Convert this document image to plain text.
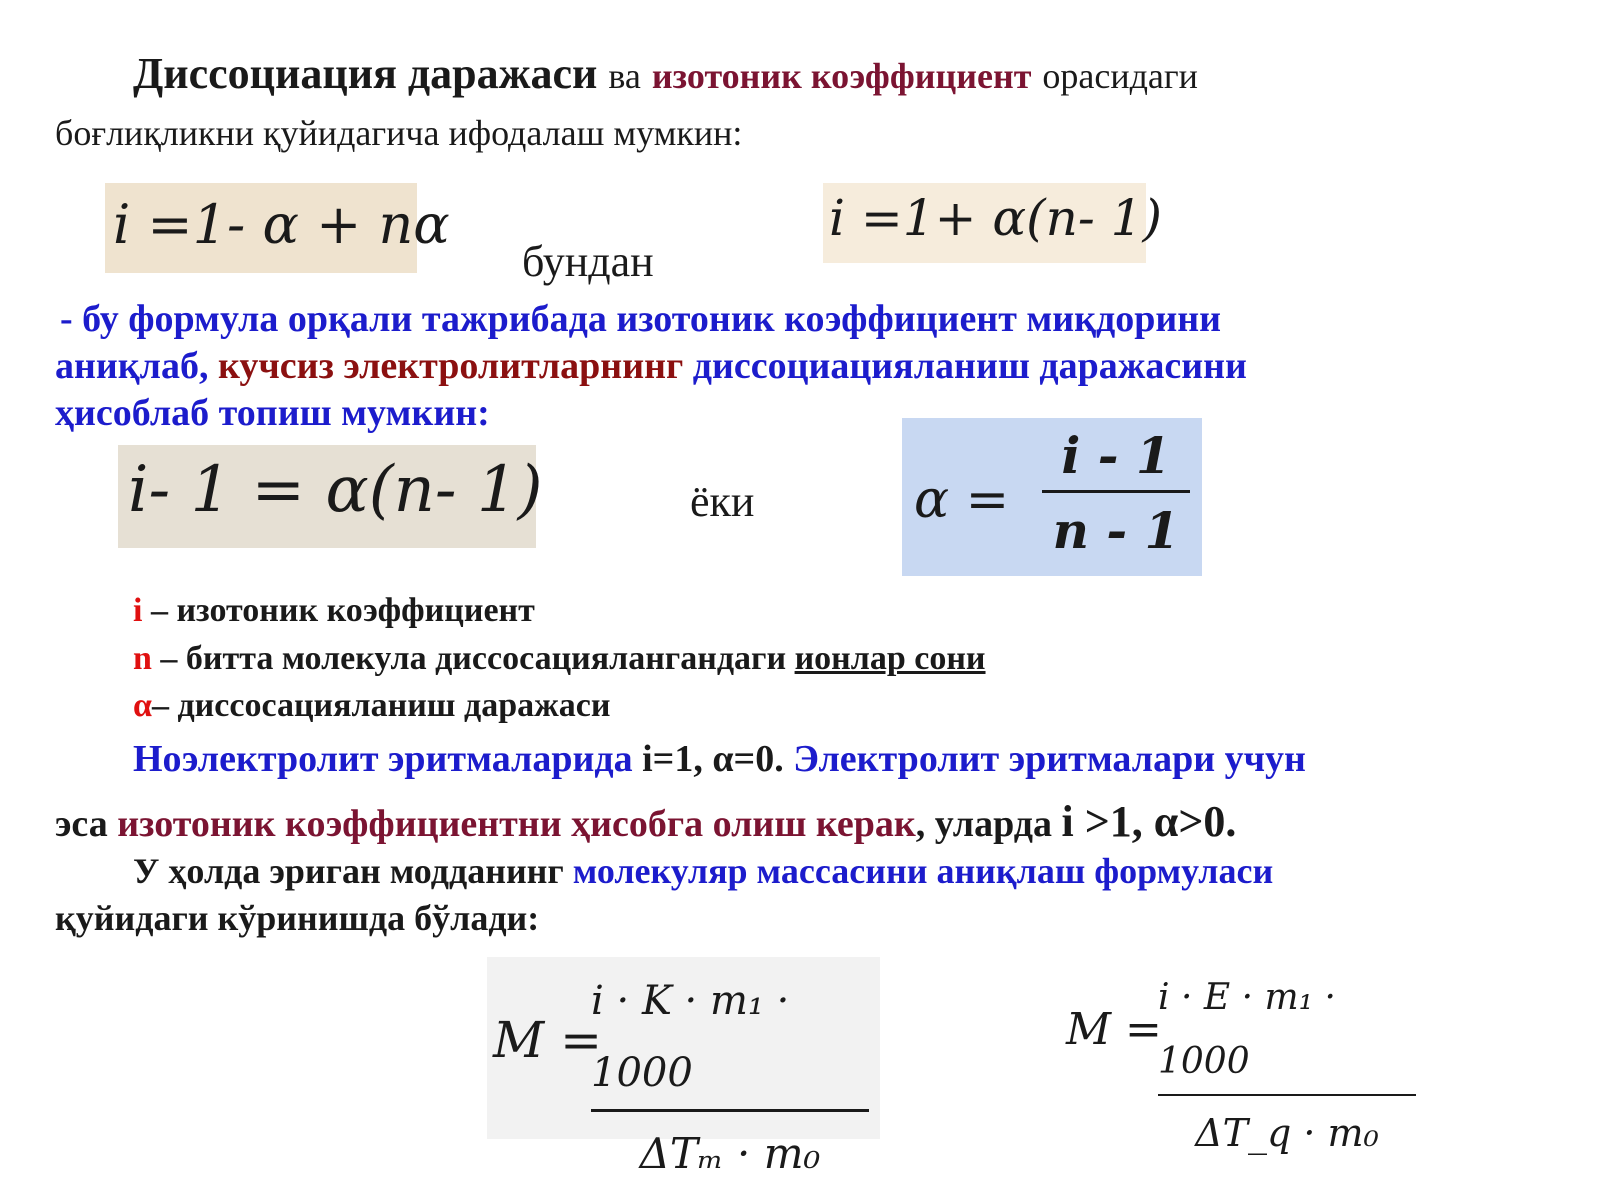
Диссоциация даражаси ва изотоник коэффициент орасидаги
боғлиқликни қуйидагича ифодалаш мумкин:
i =1- α + nα
бундан
i =1+ α(n- 1)
- бу формула орқали тажрибада изотоник коэффициент миқдорини
аниқлаб, кучсиз электролитларнинг диссоциацияланиш даражасини
ҳисоблаб топиш мумкин:
i- 1 = α(n- 1)	ёки	α =
i - 1
n - 1
i – изотоник коэффициент
n – битта молекула диссосациялангандаги ионлар сони
α– диссосацияланиш даражаси
Ноэлектролит эритмаларида i=1, α=0. Электролит эритмалари учун
эса изотоник коэффициентни ҳисобга олиш керак, уларда i >1, α>0.
У ҳолда эриган модданинг молекуляр массасини аниқлаш формуласи
қуйидаги кўринишда бўлади:
M =
i · K · m₁ · 1000
ΔTₘ · m₀
M =
i · E · m₁ · 1000
ΔT_q · m₀
